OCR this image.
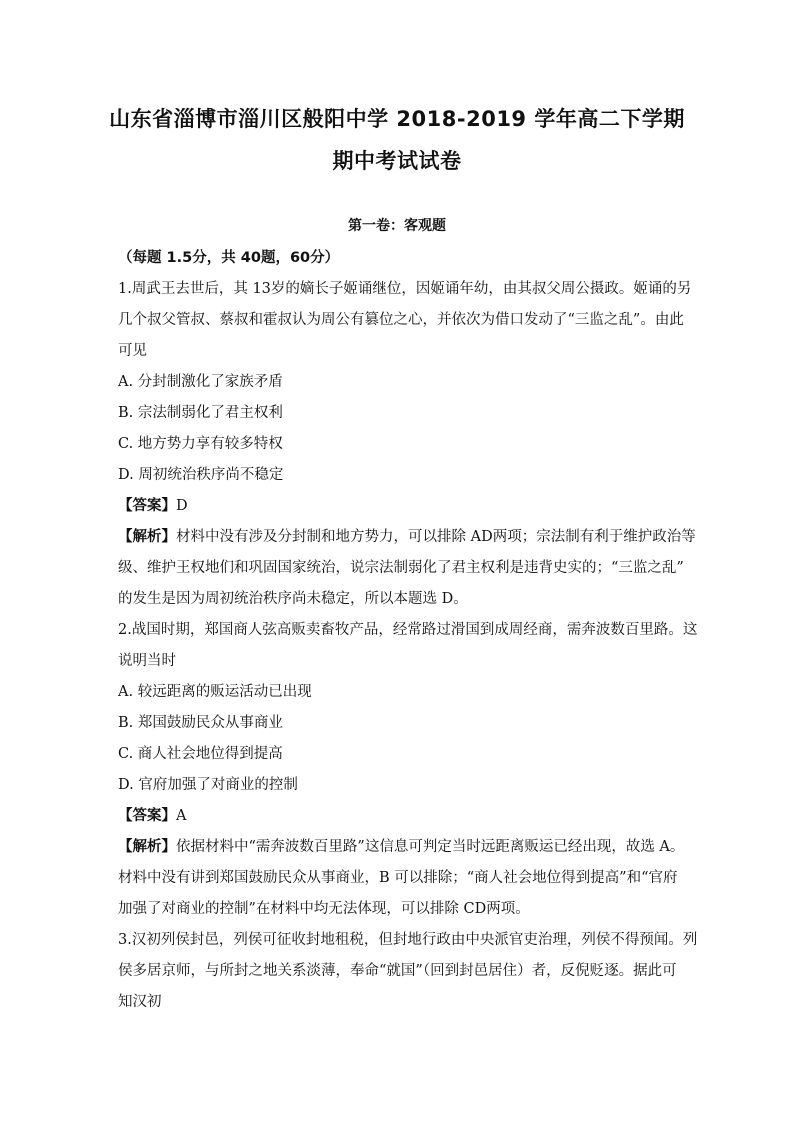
山东省淄博市淄川区般阳中学 2018-2019 学年高二下学期
期中考试试卷
第一卷：客观题
（每题 1.5分，共 40题，60分）
1.周武王去世后，其 13岁的嫡长子姬诵继位，因姬诵年幼，由其叔父周公摄政。姬诵的另
几个叔父管叔、蔡叔和霍叔认为周公有篡位之心，并依次为借口发动了“三监之乱”。由此
可见
A. 分封制激化了家族矛盾
B. 宗法制弱化了君主权利
C. 地方势力享有较多特权
D. 周初统治秩序尚不稳定
【答案】D
【解析】材料中没有涉及分封制和地方势力，可以排除 AD两项；宗法制有利于维护政治等
级、维护王权地们和巩固国家统治，说宗法制弱化了君主权利是违背史实的；“三监之乱”
的发生是因为周初统治秩序尚未稳定，所以本题选 D。
2.战国时期，郑国商人弦高贩卖畜牧产品，经常路过滑国到成周经商，需奔波数百里路。这
说明当时
A. 较远距离的贩运活动已出现
B. 郑国鼓励民众从事商业
C. 商人社会地位得到提高
D. 官府加强了对商业的控制
【答案】A
【解析】依据材料中“需奔波数百里路”这信息可判定当时远距离贩运已经出现，故选 A。
材料中没有讲到郑国鼓励民众从事商业，B 可以排除；“商人社会地位得到提高”和“官府
加强了对商业的控制”在材料中均无法体现，可以排除 CD两项。
3.汉初列侯封邑，列侯可征收封地租税，但封地行政由中央派官吏治理，列侯不得预闻。列
侯多居京师，与所封之地关系淡薄，奉命“就国”（回到封邑居住）者，反倪贬逐。据此可
知汉初
